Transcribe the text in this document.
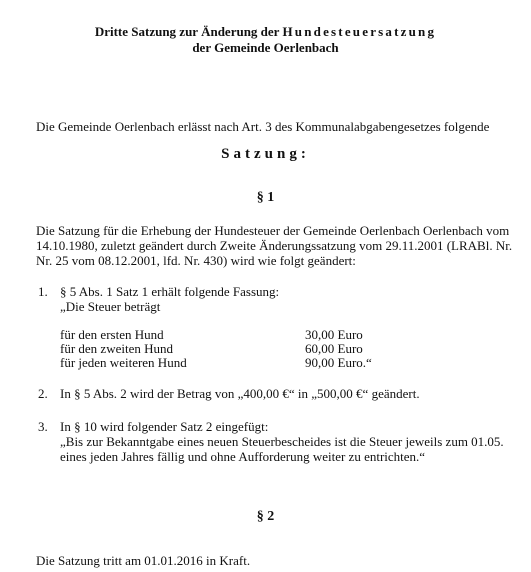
Dritte Satzung zur Änderung der Hundesteuersatzung
der Gemeinde Oerlenbach
Die Gemeinde Oerlenbach erlässt nach Art. 3 des Kommunalabgabengesetzes folgende
Satzung:
§ 1
Die Satzung für die Erhebung der Hundesteuer der Gemeinde Oerlenbach Oerlenbach vom
14.10.1980, zuletzt geändert durch Zweite Änderungssatzung vom 29.11.2001 (LRABl. Nr.
Nr. 25 vom 08.12.2001, lfd. Nr. 430) wird wie folgt geändert:
1. § 5 Abs. 1 Satz 1 erhält folgende Fassung:
„Die Steuer beträgt
für den ersten Hund	30,00 Euro
für den zweiten Hund	60,00 Euro
für jeden weiteren Hund	90,00 Euro.“
2. In § 5 Abs. 2 wird der Betrag von „400,00 €“ in „500,00 €“ geändert.
3. In § 10 wird folgender Satz 2 eingefügt:
„Bis zur Bekanntgabe eines neuen Steuerbescheides ist die Steuer jeweils zum 01.05.
eines jeden Jahres fällig und ohne Aufforderung weiter zu entrichten.“
§ 2
Die Satzung tritt am 01.01.2016 in Kraft.
